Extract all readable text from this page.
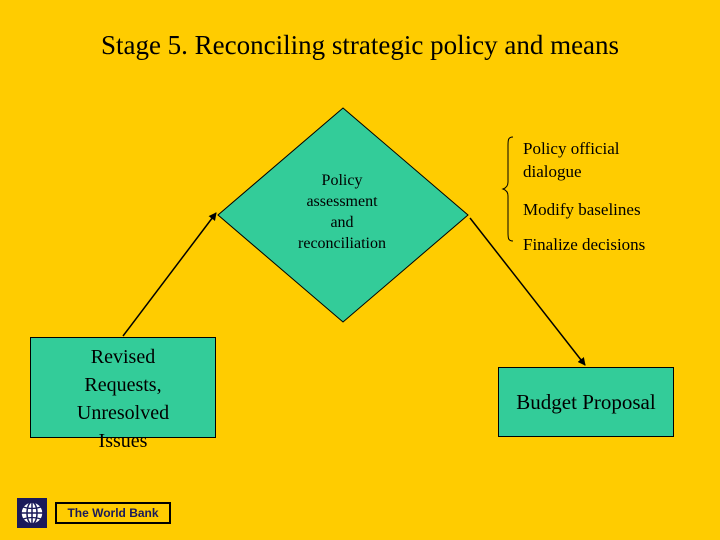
Stage 5. Reconciling strategic policy and means
Policy
assessment
and
reconciliation
Revised
Requests,
Unresolved
Issues
Budget Proposal
Policy official
dialogue
Modify baselines
Finalize decisions
The World Bank
